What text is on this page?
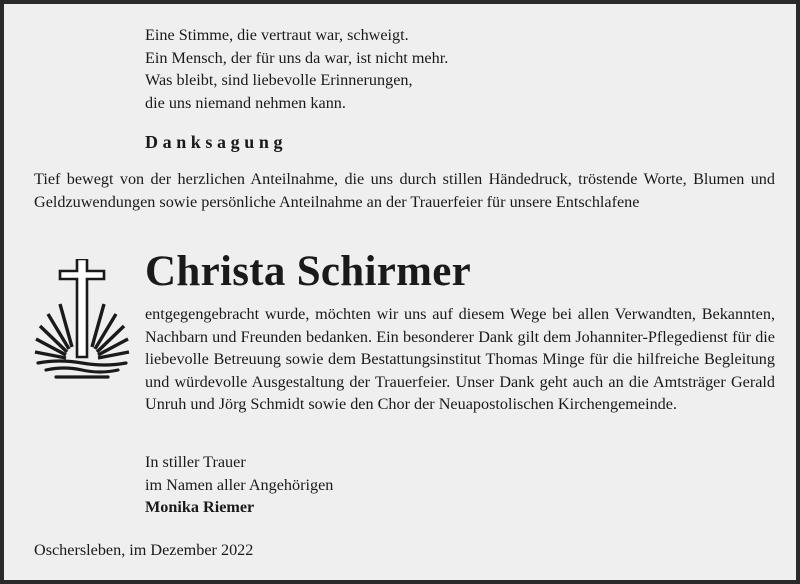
Eine Stimme, die vertraut war, schweigt.
Ein Mensch, der für uns da war, ist nicht mehr.
Was bleibt, sind liebevolle Erinnerungen,
die uns niemand nehmen kann.
Danksagung
Tief bewegt von der herzlichen Anteilnahme, die uns durch stillen Händedruck, tröstende Worte, Blumen und Geldzuwendungen sowie persönliche Anteilnahme an der Trauerfeier für unsere Entschlafene
Christa Schirmer
entgegengebracht wurde, möchten wir uns auf diesem Wege bei allen Verwandten, Bekannten, Nachbarn und Freunden bedanken. Ein besonderer Dank gilt dem Johanniter-Pflegedienst für die liebevolle Betreuung sowie dem Bestattungsinstitut Thomas Minge für die hilfreiche Begleitung und würdevolle Ausgestaltung der Trauerfeier. Unser Dank geht auch an die Amtsträger Gerald Unruh und Jörg Schmidt sowie den Chor der Neuapostolischen Kirchengemeinde.
In stiller Trauer
im Namen aller Angehörigen
Monika Riemer
Oschersleben, im Dezember 2022
